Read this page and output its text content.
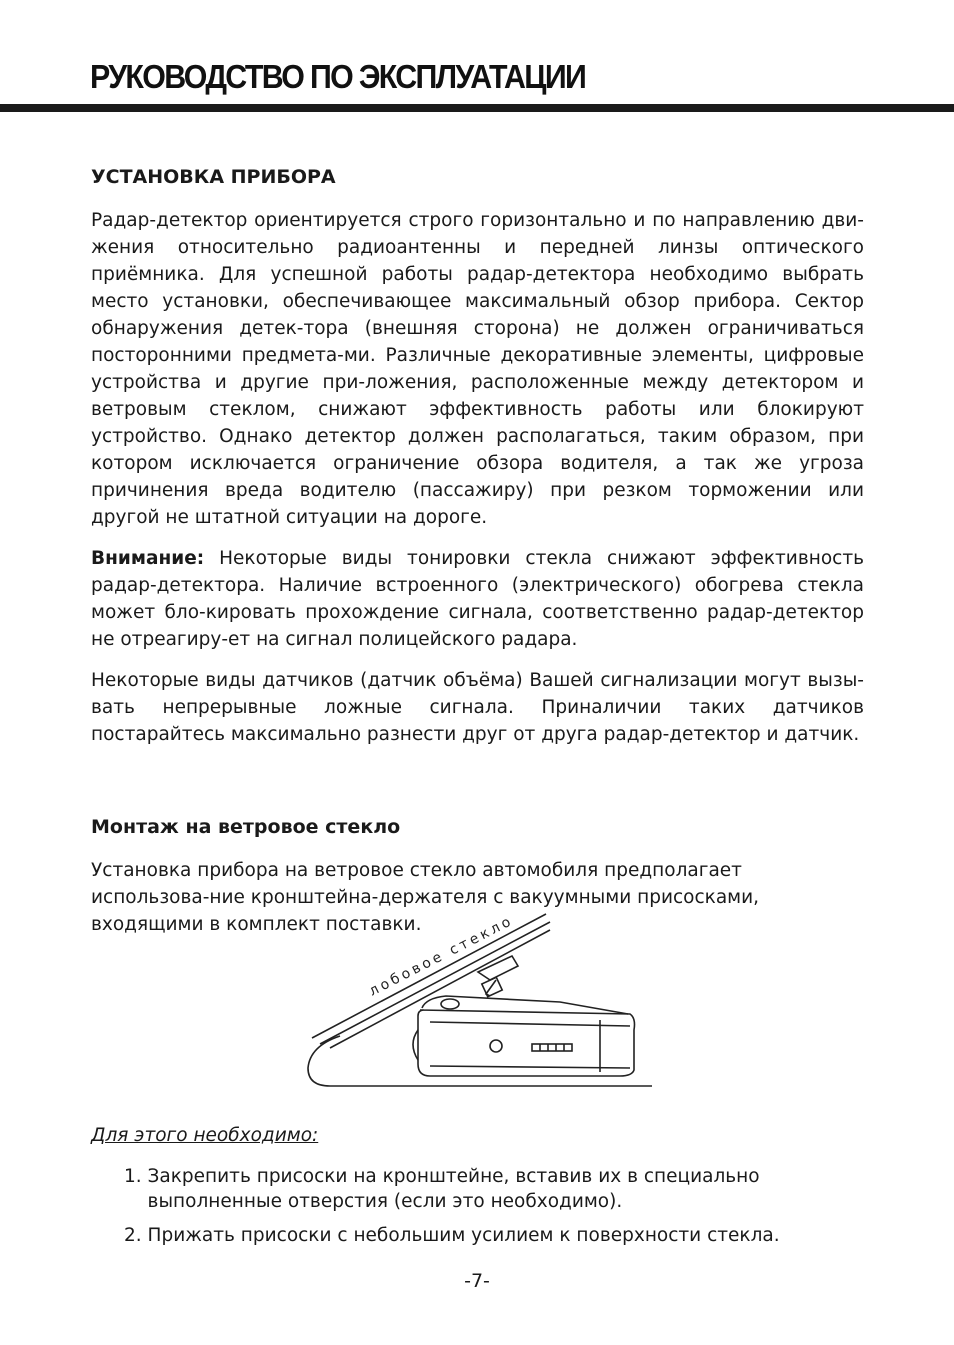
РУКОВОДСТВО ПО ЭКСПЛУАТАЦИИ
УСТАНОВКА ПРИБОРА

Радар-детектор ориентируется строго горизонтально и по направлению дви-жения относительно радиоантенны и передней линзы оптического приёмника. Для успешной работы радар-детектора необходимо выбрать место установки, обеспечивающее максимальный обзор прибора. Сектор обнаружения детек-тора (внешняя сторона) не должен ограничиваться посторонними предмета-ми. Различные декоративные элементы, цифровые устройства и другие при-ложения, расположенные между детектором и ветровым стеклом, снижают эффективность работы или блокируют устройство. Однако детектор должен располагаться, таким образом, при котором исключается ограничение обзора водителя, а так же угроза причинения вреда водителю (пассажиру) при резком торможении или другой не штатной ситуации на дороге.

Внимание: Некоторые виды тонировки стекла снижают эффективность радар-детектора. Наличие встроенного (электрического) обогрева стекла может бло-кировать прохождение сигнала, соответственно радар-детектор не отреагиру-ет на сигнал полицейского радара.

Некоторые виды датчиков (датчик объёма) Вашей сигнализации могут вызы-вать непрерывные ложные сигнала. Приналичии таких датчиков постарайтесь максимально разнести друг от друга радар-детектор и датчик.

Монтаж на ветровое стекло

Установка прибора на ветровое стекло автомобиля предполагает использова-ние кронштейна-держателя с вакуумными присосками, входящими в комплект поставки.

лобовое стекло

Для этого необходимо:

1. Закрепить присоски на кронштейне, вставив их в специально выполненные отверстия (если это необходимо).
2. Прижать присоски с небольшим усилием к поверхности стекла.
-7-
